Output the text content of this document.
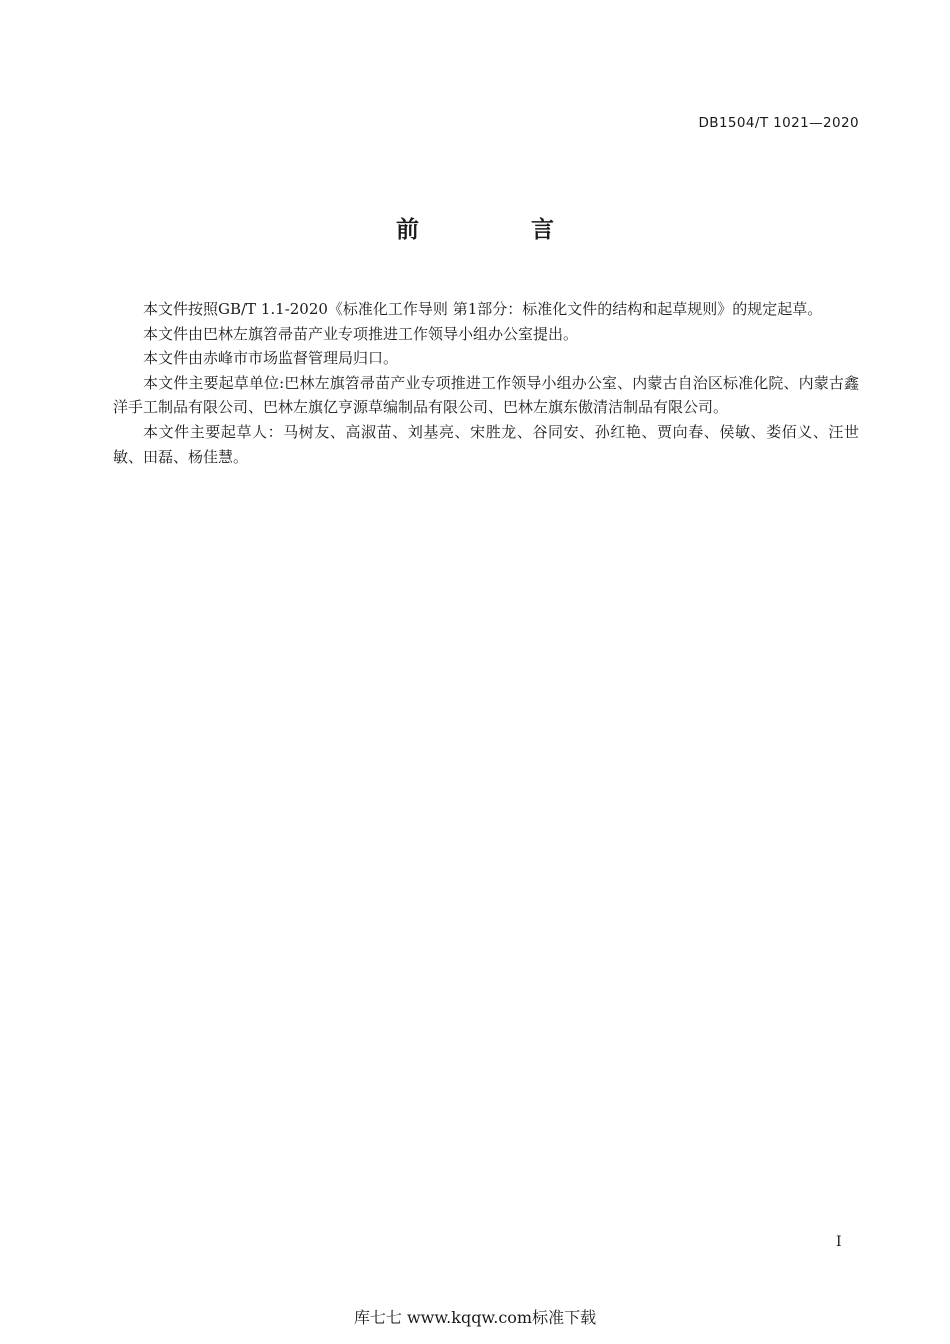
DB1504/T 1021—2020
前 言

本文件按照GB/T 1.1-2020《标准化工作导则 第1部分：标准化文件的结构和起草规则》的规定起草。

本文件由巴林左旗笤帚苗产业专项推进工作领导小组办公室提出。

本文件由赤峰市市场监督管理局归口。

本文件主要起草单位:巴林左旗笤帚苗产业专项推进工作领导小组办公室、内蒙古自治区标准化院、内蒙古鑫洋手工制品有限公司、巴林左旗亿亨源草编制品有限公司、巴林左旗东傲清洁制品有限公司。

本文件主要起草人：马树友、高淑苗、刘基亮、宋胜龙、谷同安、孙红艳、贾向春、侯敏、娄佰义、汪世敏、田磊、杨佳慧。

I
库七七 www.kqqw.com标准下载
